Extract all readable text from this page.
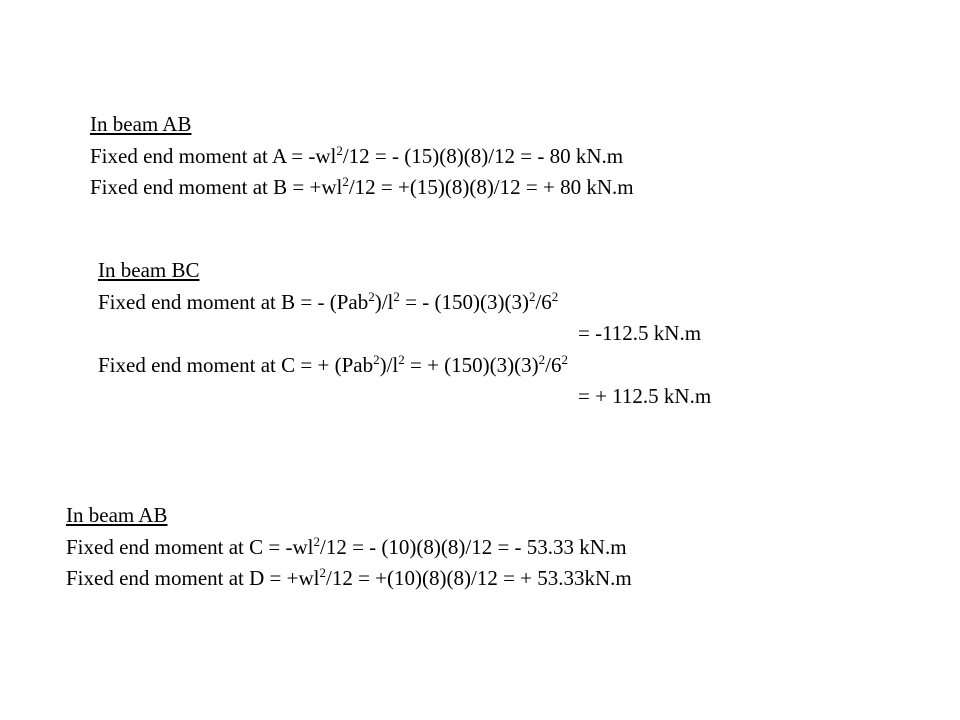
In beam AB
Fixed end moment at $A = -wl^2/12$ = - (15)(8)(8)/12 = - 80 kN.m
Fixed end moment at $B = +wl^2/12 = +(15)(8)(8)/12$ = + 80 kN.m
In beam BC
Fixed end moment at B = - $(Pab^2)/l^2$ = - $(150)(3)(3)^2/6^2$
= -112.5 kN.m
Fixed end moment at C = + $(Pab^2)/l^2$ = + $(150)(3)(3)^2/6^2$
= + 112.5 kN.m
In beam AB
Fixed end moment at $C = -wl^2/12$ = - (10)(8)(8)/12 = - 53.33 kN.m
Fixed end moment at $D = +wl^2/12 = +(10)(8)(8)/12$ = + 53.33kN.m
